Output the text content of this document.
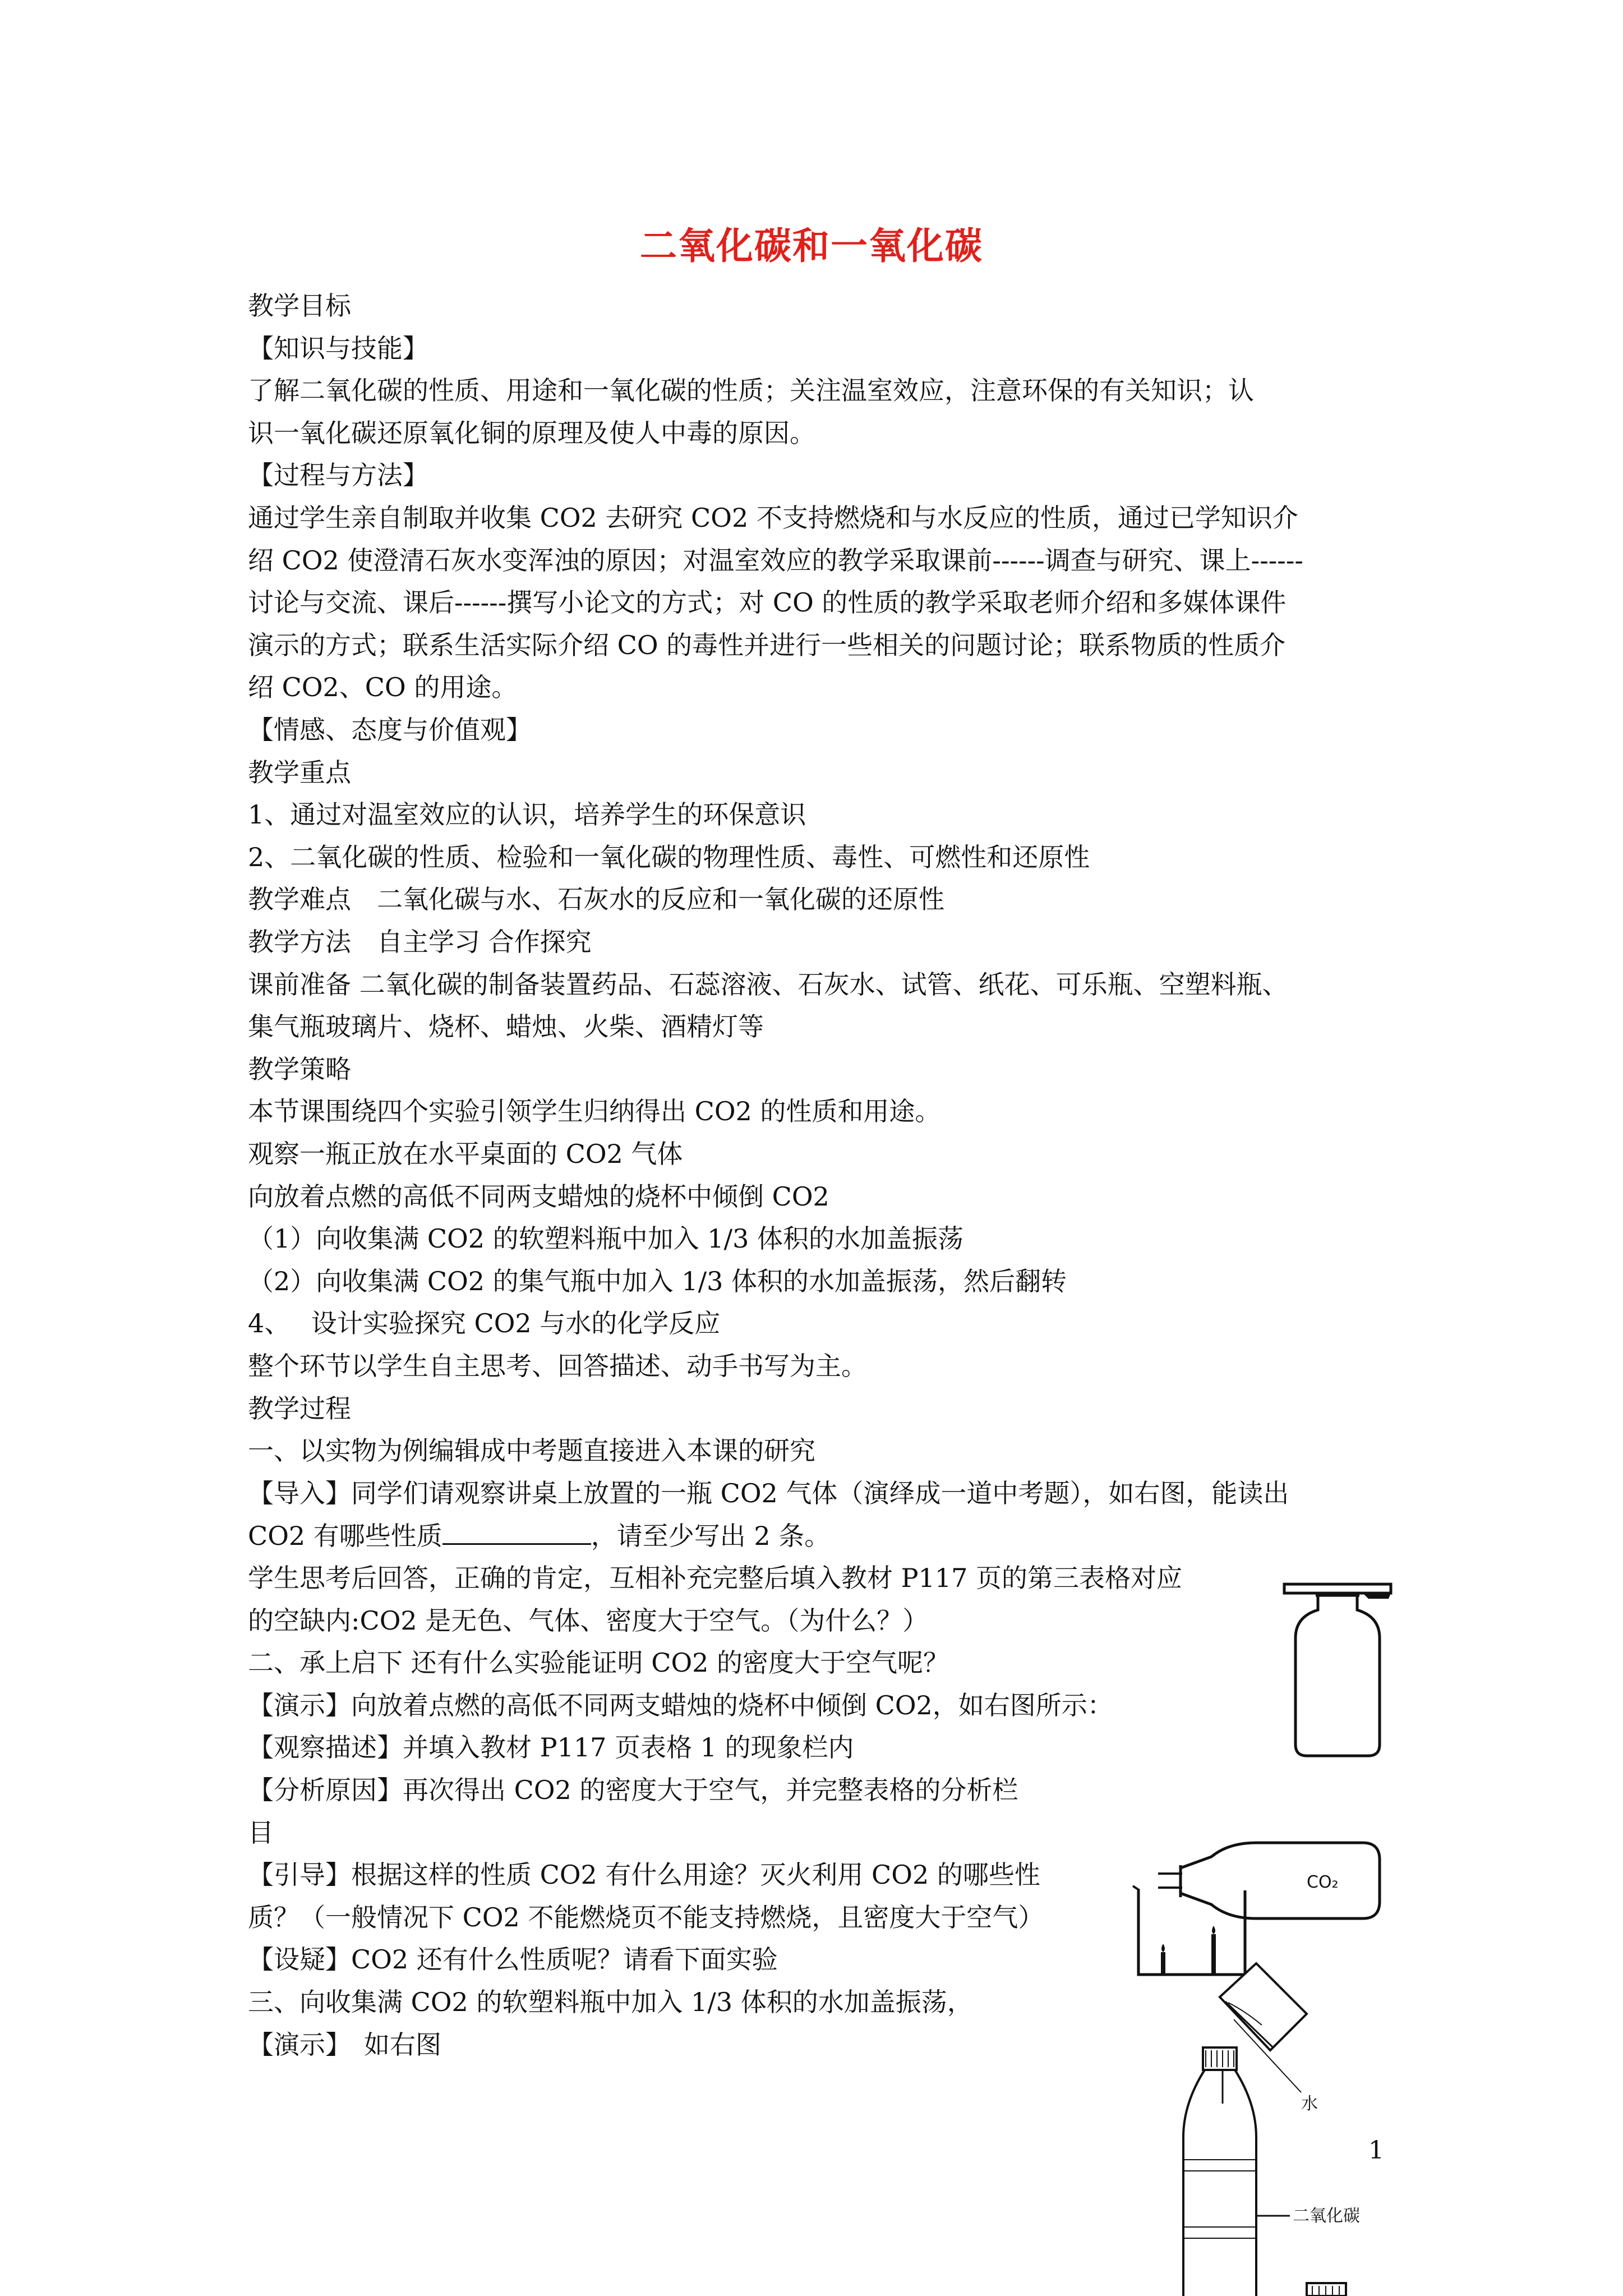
二氧化碳和一氧化碳
教学目标
【知识与技能】
了解二氧化碳的性质、用途和一氧化碳的性质；关注温室效应，注意环保的有关知识；认
识一氧化碳还原氧化铜的原理及使人中毒的原因。
【过程与方法】
通过学生亲自制取并收集 CO2 去研究 CO2 不支持燃烧和与水反应的性质，通过已学知识介
绍 CO2 使澄清石灰水变浑浊的原因；对温室效应的教学采取课前------调查与研究、课上------
讨论与交流、课后------撰写小论文的方式；对 CO 的性质的教学采取老师介绍和多媒体课件
演示的方式；联系生活实际介绍 CO 的毒性并进行一些相关的问题讨论；联系物质的性质介
绍 CO2、CO 的用途。
【情感、态度与价值观】
教学重点
1、通过对温室效应的认识，培养学生的环保意识
2、二氧化碳的性质、检验和一氧化碳的物理性质、毒性、可燃性和还原性
教学难点　二氧化碳与水、石灰水的反应和一氧化碳的还原性
教学方法　自主学习 合作探究
课前准备 二氧化碳的制备装置药品、石蕊溶液、石灰水、试管、纸花、可乐瓶、空塑料瓶、
集气瓶玻璃片、烧杯、蜡烛、火柴、酒精灯等
教学策略
本节课围绕四个实验引领学生归纳得出 CO2 的性质和用途。
观察一瓶正放在水平桌面的 CO2 气体
向放着点燃的高低不同两支蜡烛的烧杯中倾倒 CO2
（1）向收集满 CO2 的软塑料瓶中加入 1/3 体积的水加盖振荡
（2）向收集满 CO2 的集气瓶中加入 1/3 体积的水加盖振荡，然后翻转
4、　 设计实验探究 CO2 与水的化学反应
整个环节以学生自主思考、回答描述、动手书写为主。
教学过程
一、以实物为例编辑成中考题直接进入本课的研究
【导入】同学们请观察讲桌上放置的一瓶 CO2 气体（演绎成一道中考题），如右图，能读出
CO2 有哪些性质	，请至少写出 2 条。
学生思考后回答，正确的肯定，互相补充完整后填入教材 P117 页的第三表格对应
的空缺内:CO2 是无色、气体、密度大于空气。（为什么？）
二、承上启下 还有什么实验能证明 CO2 的密度大于空气呢？
【演示】向放着点燃的高低不同两支蜡烛的烧杯中倾倒 CO2，如右图所示：
【观察描述】并填入教材 P117 页表格 1 的现象栏内
【分析原因】再次得出 CO2 的密度大于空气，并完整表格的分析栏
目
【引导】根据这样的性质 CO2 有什么用途？灭火利用 CO2 的哪些性
质？（一般情况下 CO2 不能燃烧页不能支持燃烧，且密度大于空气）
【设疑】CO2 还有什么性质呢？请看下面实验
三、向收集满 CO2 的软塑料瓶中加入 1/3 体积的水加盖振荡，
【演示】　如右图
CO₂
水
二氧化碳
1
